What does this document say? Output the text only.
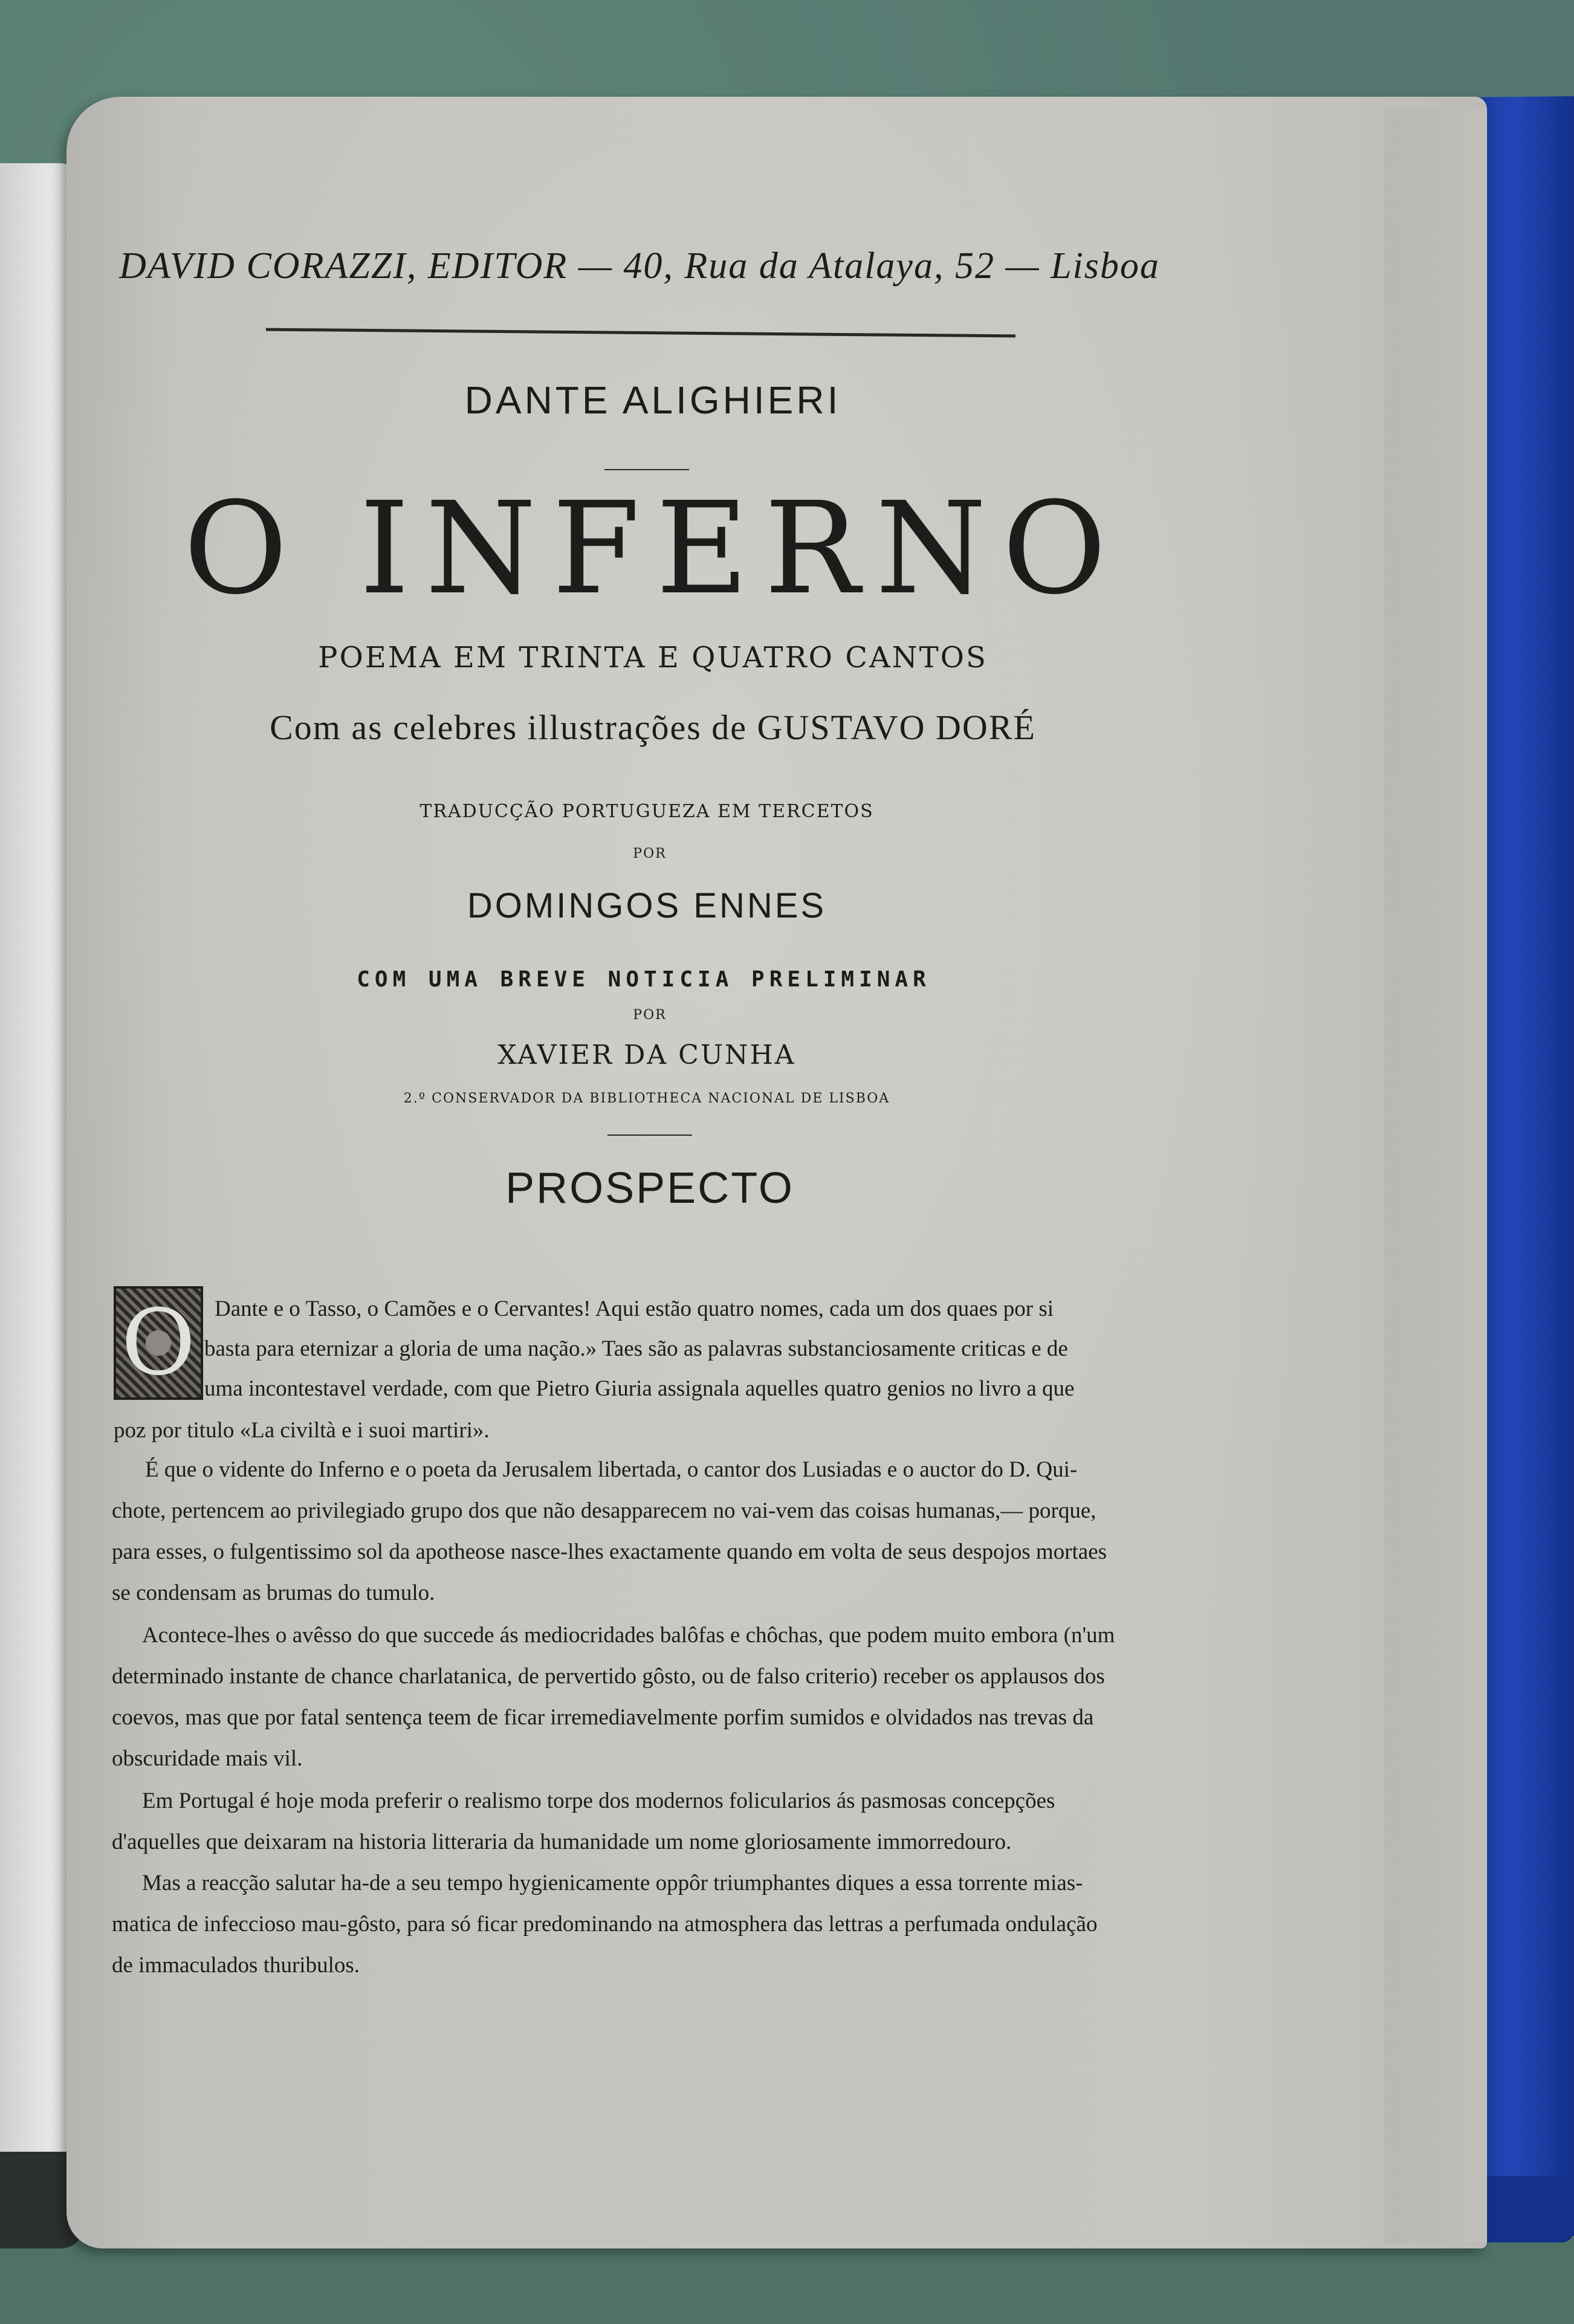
DAVID CORAZZI, EDITOR — 40, Rua da Atalaya, 52 — Lisboa
DANTE ALIGHIERI
O INFERNO
POEMA EM TRINTA E QUATRO CANTOS
Com as celebres illustrações de GUSTAVO DORÉ
TRADUCÇÃO PORTUGUEZA EM TERCETOS
POR
DOMINGOS ENNES
COM UMA BREVE NOTICIA PRELIMINAR
POR
XAVIER DA CUNHA
2.º CONSERVADOR DA BIBLIOTHECA NACIONAL DE LISBOA
PROSPECTO
O Dante e o Tasso, o Camões e o Cervantes! Aqui estão quatro nomes, cada um dos quaes por si
basta para eternizar a gloria de uma nação.» Taes são as palavras substanciosamente criticas e de
uma incontestavel verdade, com que Pietro Giuria assignala aquelles quatro genios no livro a que
poz por titulo «La civiltà e i suoi martiri».
É que o vidente do Inferno e o poeta da Jerusalem libertada, o cantor dos Lusiadas e o auctor do D. Qui-
chote, pertencem ao privilegiado grupo dos que não desapparecem no vai-vem das coisas humanas,— porque,
para esses, o fulgentissimo sol da apotheose nasce-lhes exactamente quando em volta de seus despojos mortaes
se condensam as brumas do tumulo.
Acontece-lhes o avêsso do que succede ás mediocridades balôfas e chôchas, que podem muito embora (n'um
determinado instante de chance charlatanica, de pervertido gôsto, ou de falso criterio) receber os applausos dos
coevos, mas que por fatal sentença teem de ficar irremediavelmente porfim sumidos e olvidados nas trevas da
obscuridade mais vil.
Em Portugal é hoje moda preferir o realismo torpe dos modernos folicularios ás pasmosas concepções
d'aquelles que deixaram na historia litteraria da humanidade um nome gloriosamente immorredouro.
Mas a reacção salutar ha-de a seu tempo hygienicamente oppôr triumphantes diques a essa torrente mias-
matica de infeccioso mau-gôsto, para só ficar predominando na atmosphera das lettras a perfumada ondulação
de immaculados thuribulos.
